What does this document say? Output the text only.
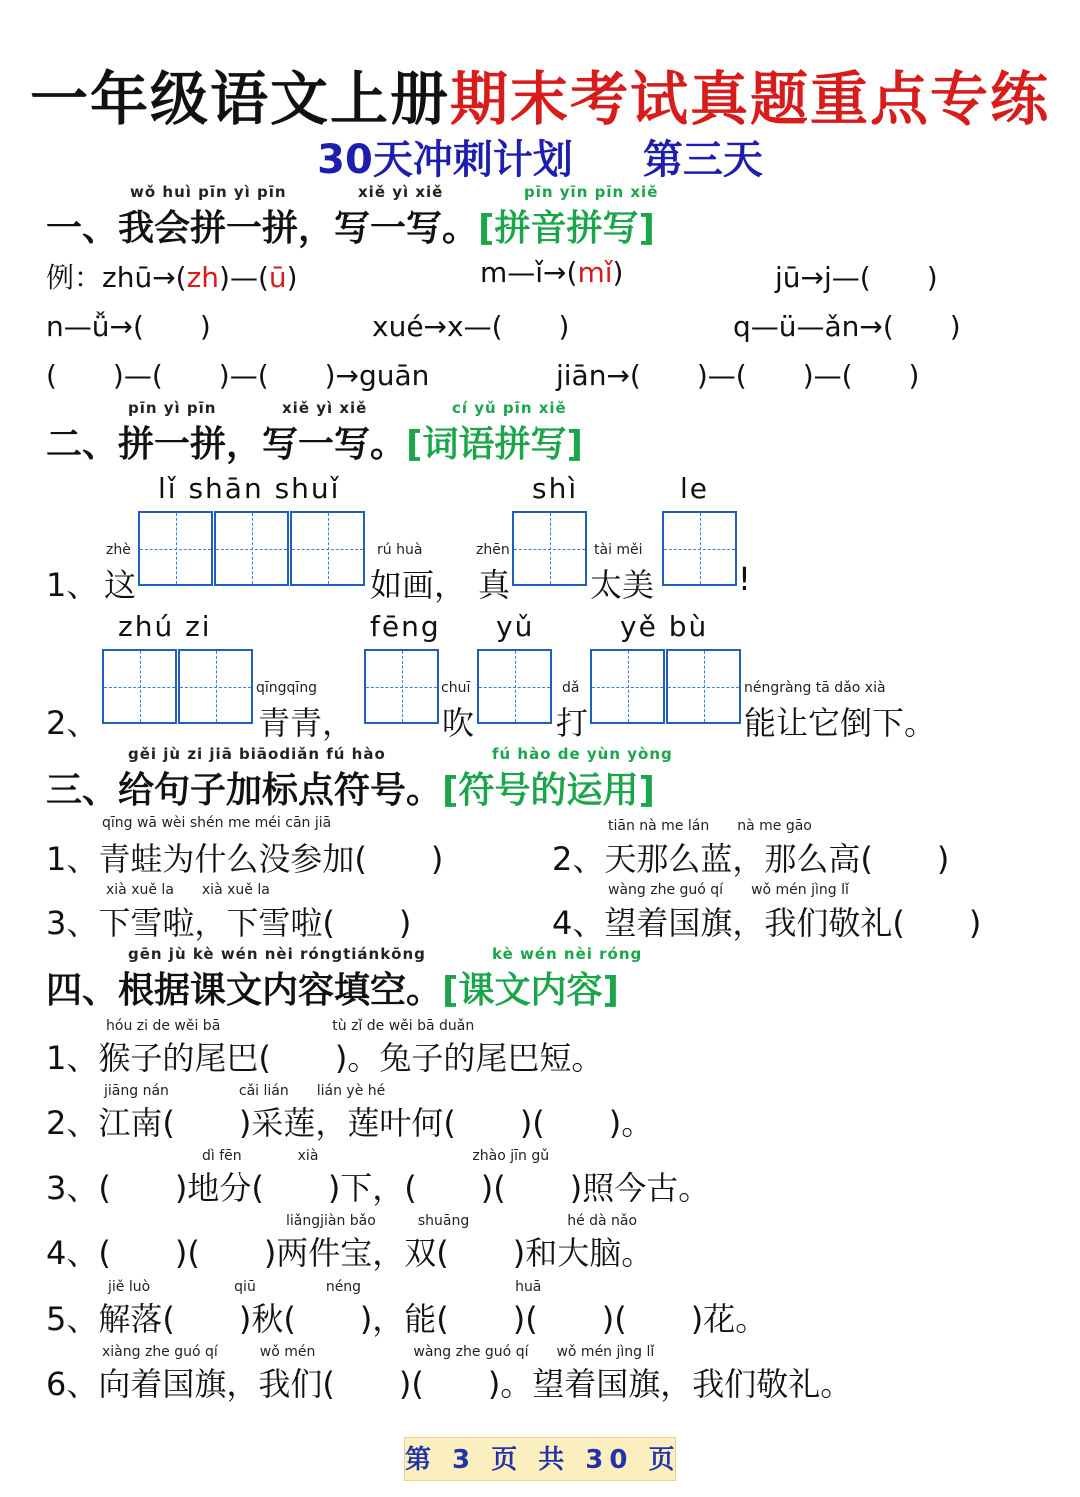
一年级语文上册期末考试真题重点专练
30天冲刺计划 第三天
wǒ huì pīn yì pīn	xiě yì xiě	pīn yīn pīn xiě
一、我会拼一拼，写一写。[拼音拼写]
例：zhū→(zh)—(ū)	m—ǐ→(mǐ)	jū→j—(　　)
n—ǚ→(　　)	xué→x—(　　)	q—ü—ǎn→(　　)
(　　)—(　　)—(　　)→guān	jiān→(　　)—(　　)—(　　)
pīn yì pīn	xiě yì xiě	cí yǔ pīn xiě
二、拼一拼，写一写。[词语拼写]
lǐ shān shuǐ	shì	le
zhè	rú huà	zhēn	tài měi
1、 这	如画， 真 太美	!
zhú zi	fēng yǔ	yě bù
qīngqīng	chuī	dǎ	néngràng tā dǎo xià
2、	青青，	吹	打	能让它倒下。
gěi jù zi jiā biāodiǎn fú hào	fú hào de yùn yòng
三、给句子加标点符号。[符号的运用]
qīng wā wèi shén me méi cān jiā	tiān nà me lán　　nà me gāo
1、青蛙为什么没参加(　　)	2、天那么蓝，那么高(　　)
xià xuě la　　xià xuě la	wàng zhe guó qí　　wǒ mén jìng lǐ
3、下雪啦，下雪啦(　　)	4、望着国旗，我们敬礼(　　)
gēn jù kè wén nèi róngtiánkōng	kè wén nèi róng
四、根据课文内容填空。[课文内容]
hóu zi de wěi bā　　　　　　　　tù zǐ de wěi bā duǎn
1、猴子的尾巴(　　)。兔子的尾巴短。
jiāng nán　　　　　cǎi lián　　lián yè hé
2、江南(　　)采莲，莲叶何(　　)(　　)。
dì fēn　　　　xià　　　　　　　　　　　zhào jīn gǔ
3、(　　)地分(　　)下，(　　)(　　)照今古。
liǎngjiàn bǎo　　　shuāng　　　　　　　hé dà nǎo
4、(　　)(　　)两件宝，双(　　)和大脑。
jiě luò　　　　　　qiū　　　　　néng　　　　　　　　　　　huā
5、解落(　　)秋(　　)，能(　　)(　　)(　　)花。
xiàng zhe guó qí　　　wǒ mén　　　　　　　wàng zhe guó qí　　wǒ mén jìng lǐ
6、向着国旗，我们(　　)(　　)。望着国旗，我们敬礼。
第 3 页 共 30 页
